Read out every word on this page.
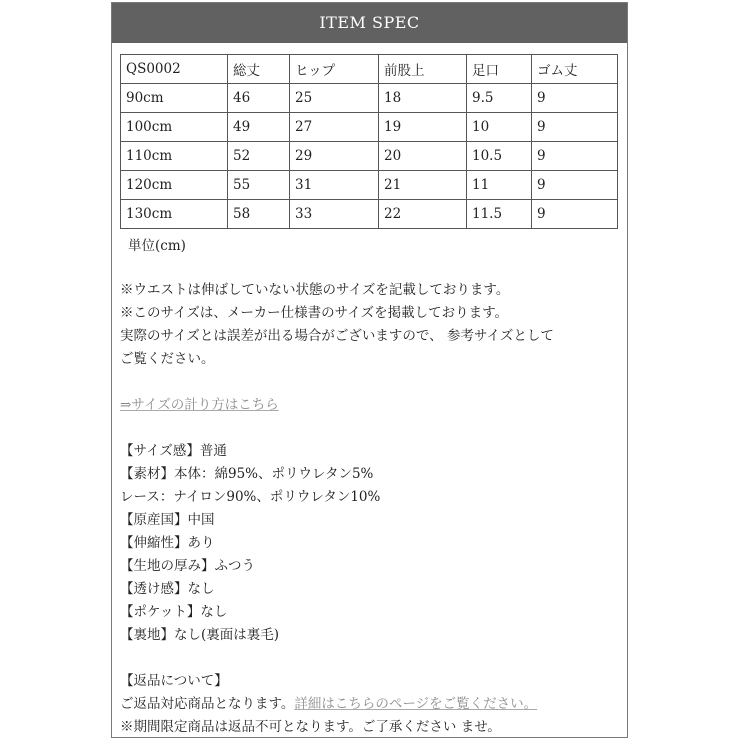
ITEM SPEC
QS0002	総丈	ヒップ	前股上	足口	ゴム丈
90cm	46	25	18	9.5	9
100cm	49	27	19	10	9
110cm	52	29	20	10.5	9
120cm	55	31	21	11	9
130cm	58	33	22	11.5	9
単位(cm)

※ウエストは伸ばしていない状態のサイズを記載しております。

※このサイズは、メーカー仕様書のサイズを掲載しております。

実際のサイズとは誤差が出る場合がございますので、 参考サイズとして

ご覧ください。

⇒サイズの計り方はこちら

【サイズ感】普通

【素材】本体：綿95%、ポリウレタン5%

レース：ナイロン90%、ポリウレタン10%

【原産国】中国

【伸縮性】あり

【生地の厚み】ふつう

【透け感】なし

【ポケット】なし

【裏地】なし(裏面は裏毛)

【返品について】

ご返品対応商品となります。詳細はこちらのページをご覧ください。

※期間限定商品は返品不可となります。ご了承ください ませ。
